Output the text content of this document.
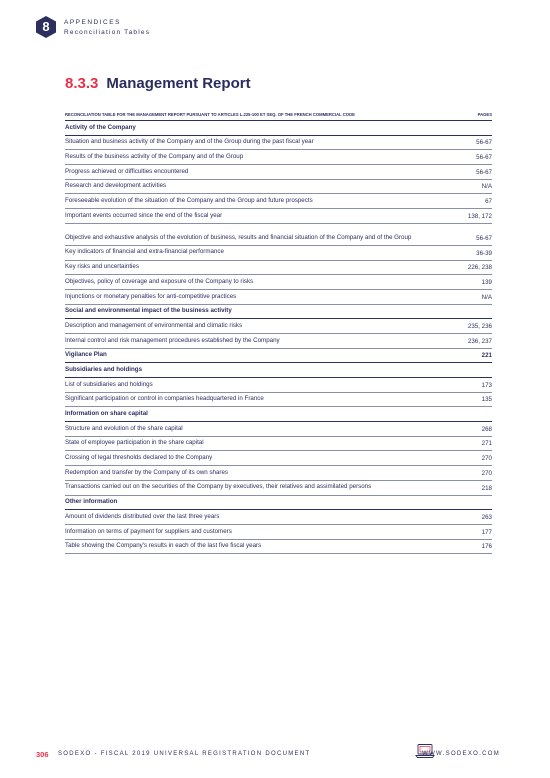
8	APPENDICES
Reconciliation Tables
8.3.3 Management Report
RECONCILIATION TABLE FOR THE MANAGEMENT REPORT PURSUANT TO ARTICLES L.225-100 ET SEQ. OF THE FRENCH COMMERCIAL CODE	PAGES
Activity of the Company
Situation and business activity of the Company and of the Group during the past fiscal year	56-67
Results of the business activity of the Company and of the Group	56-67
Progress achieved or difficulties encountered	56-67
Research and development activities	N/A
Foreseeable evolution of the situation of the Company and the Group and future prospects	67
Important events occurred since the end of the fiscal year	138, 172
Objective and exhaustive analysis of the evolution of business, results and financial situation of the Company and of the Group	56-67
Key indicators of financial and extra-financial performance	36-39
Key risks and uncertainties	226, 238
Objectives, policy of coverage and exposure of the Company to risks	139
Injunctions or monetary penalties for anti-competitive practices	N/A
Social and environmental impact of the business activity
Description and management of environmental and climatic risks	235, 236
Internal control and risk management procedures established by the Company	236, 237
Vigilance Plan	221
Subsidiaries and holdings
List of subsidiaries and holdings	173
Significant participation or control in companies headquartered in France	135
Information on share capital
Structure and evolution of the share capital	268
State of employee participation in the share capital	271
Crossing of legal thresholds declared to the Company	270
Redemption and transfer by the Company of its own shares	270
Transactions carried out on the securities of the Company by executives, their relatives and assimilated persons	218
Other information
Amount of dividends distributed over the last three years	263
Information on terms of payment for suppliers and customers	177
Table showing the Company's results in each of the last five fiscal years	176
306 SODEXO - FISCAL 2019 UNIVERSAL REGISTRATION DOCUMENT	WWW.SODEXO.COM
